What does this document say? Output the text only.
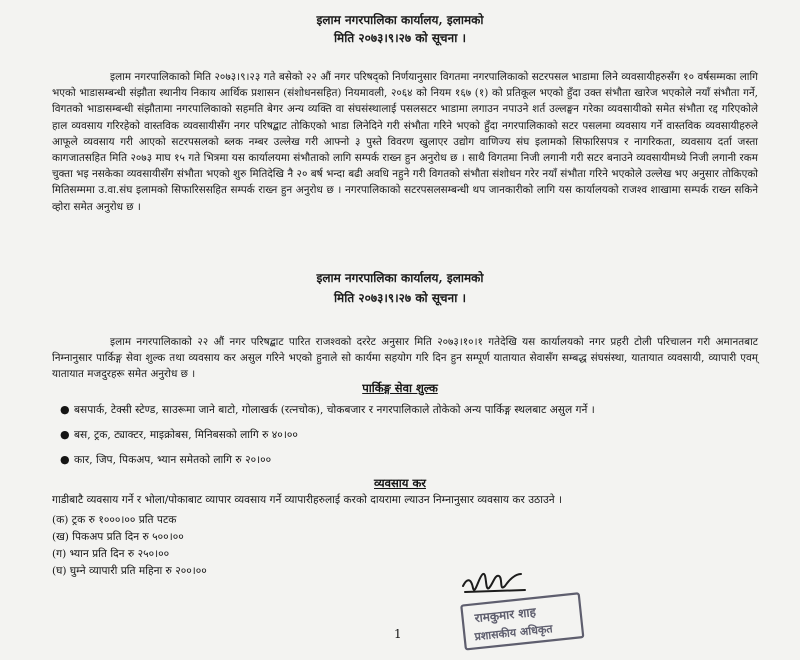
इलाम नगरपालिका कार्यालय, इलामको
मिति २०७३।९।२७ को सूचना ।
इलाम नगरपालिकाको मिति २०७३।९।२३ गते बसेको २२ औं नगर परिषद्को निर्णयानुसार विगतमा नगरपालिकाको सटरपसल भाडामा लिने व्यवसायीहरुसँग १० वर्षसम्मका लागि भएको भाडासम्बन्धी संझौता स्थानीय निकाय आर्थिक प्रशासन (संशोधनसहित) नियमावली, २०६४ को नियम १६७ (१) को प्रतिकूल भएको हुँदा उक्त संभौता खारेज भएकोले नयाँ संभौता गर्ने, विगतको भाडासम्बन्धी संझौतामा नगरपालिकाको सहमति बेगर अन्य व्यक्ति वा संघसंस्थालाई पसलसटर भाडामा लगाउन नपाउने शर्त उल्लङ्घन गरेका व्यवसायीको समेत संभौता रद्द गरिएकोले हाल व्यवसाय गरिरहेको वास्तविक व्यवसायीसँग नगर परिषद्बाट तोकिएको भाडा लिनेदिने गरी संभौता गरिने भएको हुँदा नगरपालिकाको सटर पसलमा व्यवसाय गर्ने वास्तविक व्यवसायीहरुले आफूले व्यवसाय गरी आएको सटरपसलको ब्लक नम्बर उल्लेख गरी आफ्नो ३ पुस्ते विवरण खुलाएर उद्योग वाणिज्य संघ इलामको सिफारिसपत्र र नागरिकता, व्यवसाय दर्ता जस्ता कागजातसहित मिति २०७३ माघ १५ गते भित्रमा यस कार्यालयमा संभौताको लागि सम्पर्क राख्न हुन अनुरोध छ । साथै विगतमा निजी लगानी गरी सटर बनाउने व्यवसायीमध्ये निजी लगानी रकम चुक्ता भइ नसकेका व्यवसायीसँग संभौता भएको शुरु मितिदेखि नै २० बर्ष भन्दा बढी अवधि नहुने गरी विगतको संभौता संशोधन गरेर नयाँ संभौता गरिने भएकोले उल्लेख भए अनुसार तोकिएको मितिसम्ममा उ.वा.संघ इलामको सिफारिससहित सम्पर्क राख्न हुन अनुरोध छ । नगरपालिकाको सटरपसलसम्बन्धी थप जानकारीको लागि यस कार्यालयको राजश्व शाखामा सम्पर्क राख्न सकिने व्होरा समेत अनुरोध छ ।
इलाम नगरपालिका कार्यालय, इलामको
मिति २०७३।९।२७ को सूचना ।
इलाम नगरपालिकाको २२ औं नगर परिषद्बाट पारित राजश्वको दररेट अनुसार मिति २०७३।१०।१ गतेदेखि यस कार्यालयको नगर प्रहरी टोली परिचालन गरी अमानतबाट निम्नानुसार पार्किङ्ग सेवा शुल्क तथा व्यवसाय कर असुल गरिने भएको हुनाले सो कार्यमा सहयोग गरि दिन हुन सम्पूर्ण यातायात सेवासँग सम्बद्ध संघसंस्था, यातायात व्यवसायी, व्यापारी एवम् यातायात मजदुरहरू समेत अनुरोध छ ।
पार्किङ्ग सेवा शुल्क
● बसपार्क, टेक्सी स्टेण्ड, साउरूमा जाने बाटो, गोलाखर्क (रत्नचोक), चोकबजार र नगरपालिकाले तोकेको अन्य पार्किङ्ग स्थलबाट असुल गर्ने ।
● बस, ट्रक, ट्याक्टर, माइक्रोबस, मिनिबसको लागि रु ४०।००
● कार, जिप, पिकअप, भ्यान समेतको लागि रु २०।००
व्यवसाय कर
गाडीबाटै व्यवसाय गर्ने र भोला/पोकाबाट व्यापार व्यवसाय गर्ने व्यापारीहरुलाई करको दायरामा ल्याउन निम्नानुसार व्यवसाय कर उठाउने ।
(क) ट्रक रु १०००।०० प्रति पटक
(ख) पिकअप प्रति दिन रु ५००।००
(ग) भ्यान प्रति दिन रु २५०।००
(घ) घुम्ने व्यापारी प्रति महिना रु २००।००
रामकुमार शाह
प्रशासकीय अधिकृत
1
